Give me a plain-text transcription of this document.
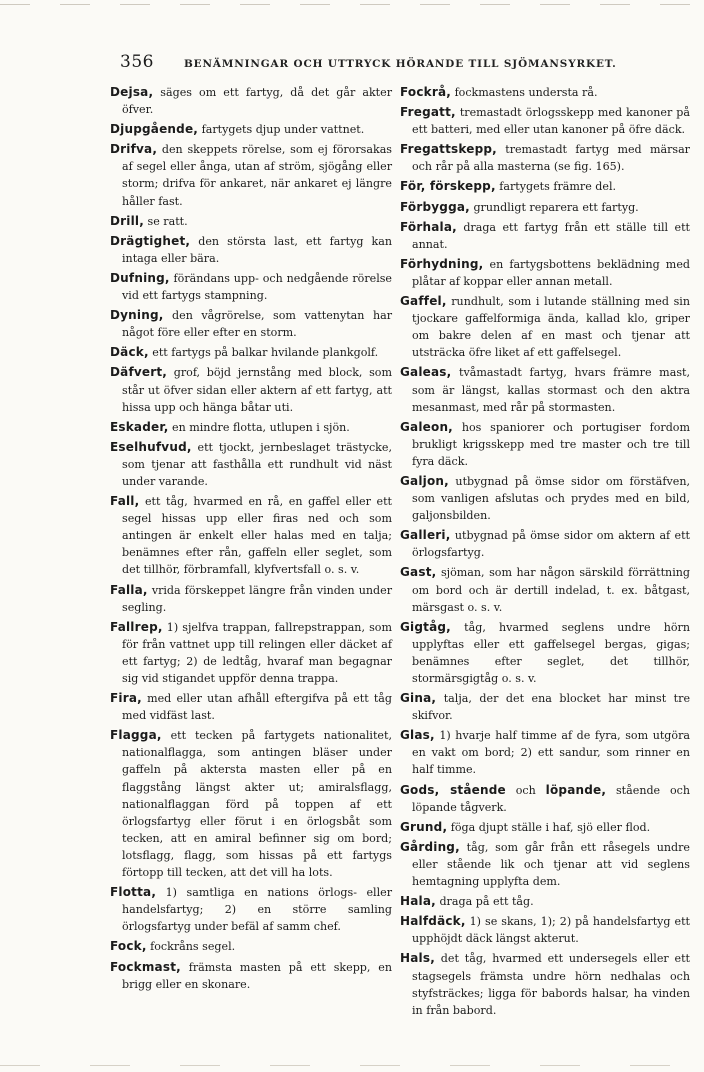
356	BENÄMNINGAR OCH UTTRYCK HÖRANDE TILL SJÖMANSYRKET.

Dejsa, säges om ett fartyg, då det går akter öfver.

Djupgående, fartygets djup under vattnet.

Drifva, den skeppets rörelse, som ej förorsakas af segel eller ånga, utan af ström, sjögång eller storm; drifva för ankaret, när ankaret ej längre håller fast.

Drill, se ratt.

Drägtighet, den största last, ett fartyg kan intaga eller bära.

Dufning, förändans upp- och nedgående rörelse vid ett fartygs stampning.

Dyning, den vågrörelse, som vattenytan har något före eller efter en storm.

Däck, ett fartygs på balkar hvilande plankgolf.

Däfvert, grof, böjd jernstång med block, som står ut öfver sidan eller aktern af ett fartyg, att hissa upp och hänga båtar uti.

Eskader, en mindre flotta, utlupen i sjön.

Eselhufvud, ett tjockt, jernbeslaget trästycke, som tjenar att fasthålla ett rundhult vid näst under varande.

Fall, ett tåg, hvarmed en rå, en gaffel eller ett segel hissas upp eller firas ned och som antingen är enkelt eller halas med en talja; benämnes efter rån, gaffeln eller seglet, som det tillhör, förbramfall, klyfvertsfall o. s. v.

Falla, vrida förskeppet längre från vinden under segling.

Fallrep, 1) sjelfva trappan, fallrepstrappan, som för från vattnet upp till relingen eller däcket af ett fartyg; 2) de ledtåg, hvaraf man begagnar sig vid stigandet uppför denna trappa.

Fira, med eller utan afhåll eftergifva på ett tåg med vidfäst last.

Flagga, ett tecken på fartygets nationalitet, nationalflagga, som antingen bläser under gaffeln på aktersta masten eller på en flaggstång längst akter ut; amiralsflagg, nationalflaggan förd på toppen af ett örlogsfartyg eller förut i en örlogsbåt som tecken, att en amiral befinner sig om bord; lotsflagg, flagg, som hissas på ett fartygs förtopp till tecken, att det vill ha lots.

Flotta, 1) samtliga en nations örlogs- eller handelsfartyg; 2) en större samling örlogsfartyg under befäl af samm chef.

Fock, fockråns segel.

Fockmast, främsta masten på ett skepp, en brigg eller en skonare.

Fockrå, fockmastens understa rå.

Fregatt, tremastadt örlogsskepp med kanoner på ett batteri, med eller utan kanoner på öfre däck.

Fregattskepp, tremastadt fartyg med märsar och rår på alla masterna (se fig. 165).

För, förskepp, fartygets främre del.

Förbygga, grundligt reparera ett fartyg.

Förhala, draga ett fartyg från ett ställe till ett annat.

Förhydning, en fartygsbottens beklädning med plåtar af koppar eller annan metall.

Gaffel, rundhult, som i lutande ställning med sin tjockare gaffelformiga ända, kallad klo, griper om bakre delen af en mast och tjenar att utsträcka öfre liket af ett gaffelsegel.

Galeas, tvåmastadt fartyg, hvars främre mast, som är längst, kallas stormast och den aktra mesanmast, med rår på stormasten.

Galeon, hos spaniorer och portugiser fordom brukligt krigsskepp med tre master och tre till fyra däck.

Galjon, utbygnad på ömse sidor om förstäfven, som vanligen afslutas och prydes med en bild, galjonsbilden.

Galleri, utbygnad på ömse sidor om aktern af ett örlogsfartyg.

Gast, sjöman, som har någon särskild förrättning om bord och är dertill indelad, t. ex. båtgast, märsgast o. s. v.

Gigtåg, tåg, hvarmed seglens undre hörn upplyftas eller ett gaffelsegel bergas, gigas; benämnes efter seglet, det tillhör, stormärsgigtåg o. s. v.

Gina, talja, der det ena blocket har minst tre skifvor.

Glas, 1) hvarje half timme af de fyra, som utgöra en vakt om bord; 2) ett sandur, som rinner en half timme.

Gods, stående och löpande, stående och löpande tågverk.

Grund, föga djupt ställe i haf, sjö eller flod.

Gårding, tåg, som går från ett råsegels undre eller stående lik och tjenar att vid seglens hemtagning upplyfta dem.

Hala, draga på ett tåg.

Halfdäck, 1) se skans, 1); 2) på handelsfartyg ett upphöjdt däck längst akterut.

Hals, det tåg, hvarmed ett undersegels eller ett stagsegels främsta undre hörn nedhalas och styfsträckes; ligga för babords halsar, ha vinden in från babord.
